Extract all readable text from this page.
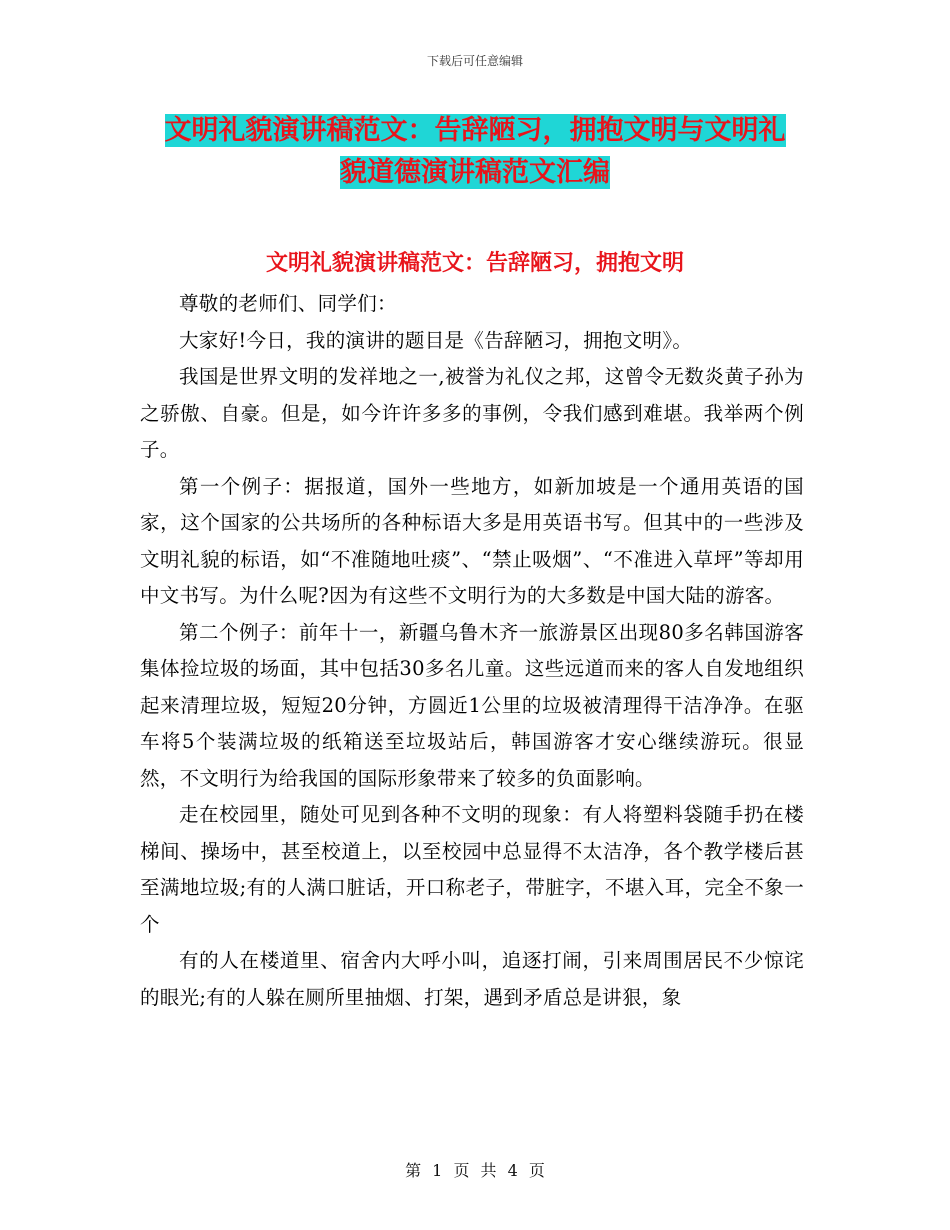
下载后可任意编辑
文明礼貌演讲稿范文：告辞陋习，拥抱文明与文明礼
貌道德演讲稿范文汇编
文明礼貌演讲稿范文：告辞陋习，拥抱文明

尊敬的老师们、同学们：

大家好!今日，我的演讲的题目是《告辞陋习，拥抱文明》。

我国是世界文明的发祥地之一,被誉为礼仪之邦，这曾令无数炎黄子孙为之骄傲、自豪。但是，如今许许多多的事例，令我们感到难堪。我举两个例子。

第一个例子：据报道，国外一些地方，如新加坡是一个通用英语的国家，这个国家的公共场所的各种标语大多是用英语书写。但其中的一些涉及文明礼貌的标语，如“不准随地吐痰”、“禁止吸烟”、“不准进入草坪”等却用中文书写。为什么呢?因为有这些不文明行为的大多数是中国大陆的游客。

第二个例子：前年十一，新疆乌鲁木齐一旅游景区出现80多名韩国游客集体捡垃圾的场面，其中包括30多名儿童。这些远道而来的客人自发地组织起来清理垃圾，短短20分钟，方圆近1公里的垃圾被清理得干洁净净。在驱车将5个装满垃圾的纸箱送至垃圾站后，韩国游客才安心继续游玩。很显然，不文明行为给我国的国际形象带来了较多的负面影响。

走在校园里，随处可见到各种不文明的现象：有人将塑料袋随手扔在楼梯间、操场中，甚至校道上，以至校园中总显得不太洁净，各个教学楼后甚至满地垃圾;有的人满口脏话，开口称老子，带脏字，不堪入耳，完全不象一个

有的人在楼道里、宿舍内大呼小叫，追逐打闹，引来周围居民不少惊诧的眼光;有的人躲在厕所里抽烟、打架，遇到矛盾总是讲狠，象

第 1 页 共 4 页
